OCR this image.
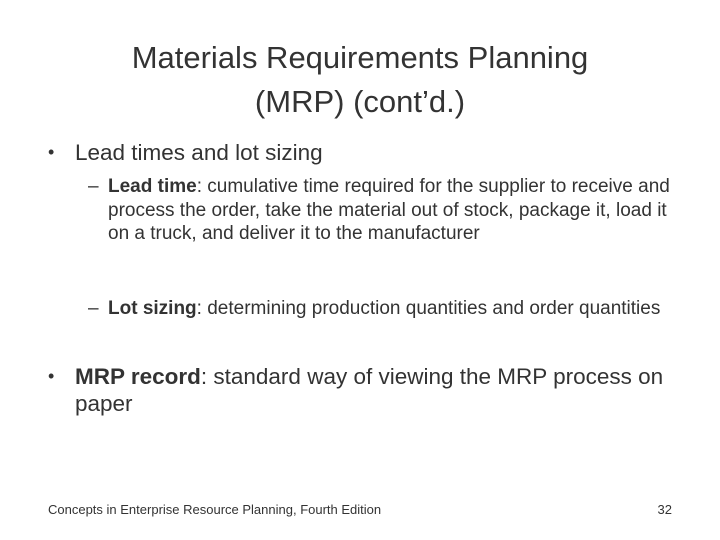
Materials Requirements Planning
(MRP) (cont’d.)
• Lead times and lot sizing
– Lead time: cumulative time required for the supplier to receive and process the order, take the material out of stock, package it, load it on a truck, and deliver it to the manufacturer
– Lot sizing: determining production quantities and order quantities
• MRP record: standard way of viewing the MRP process on paper
Concepts in Enterprise Resource Planning, Fourth Edition	32
